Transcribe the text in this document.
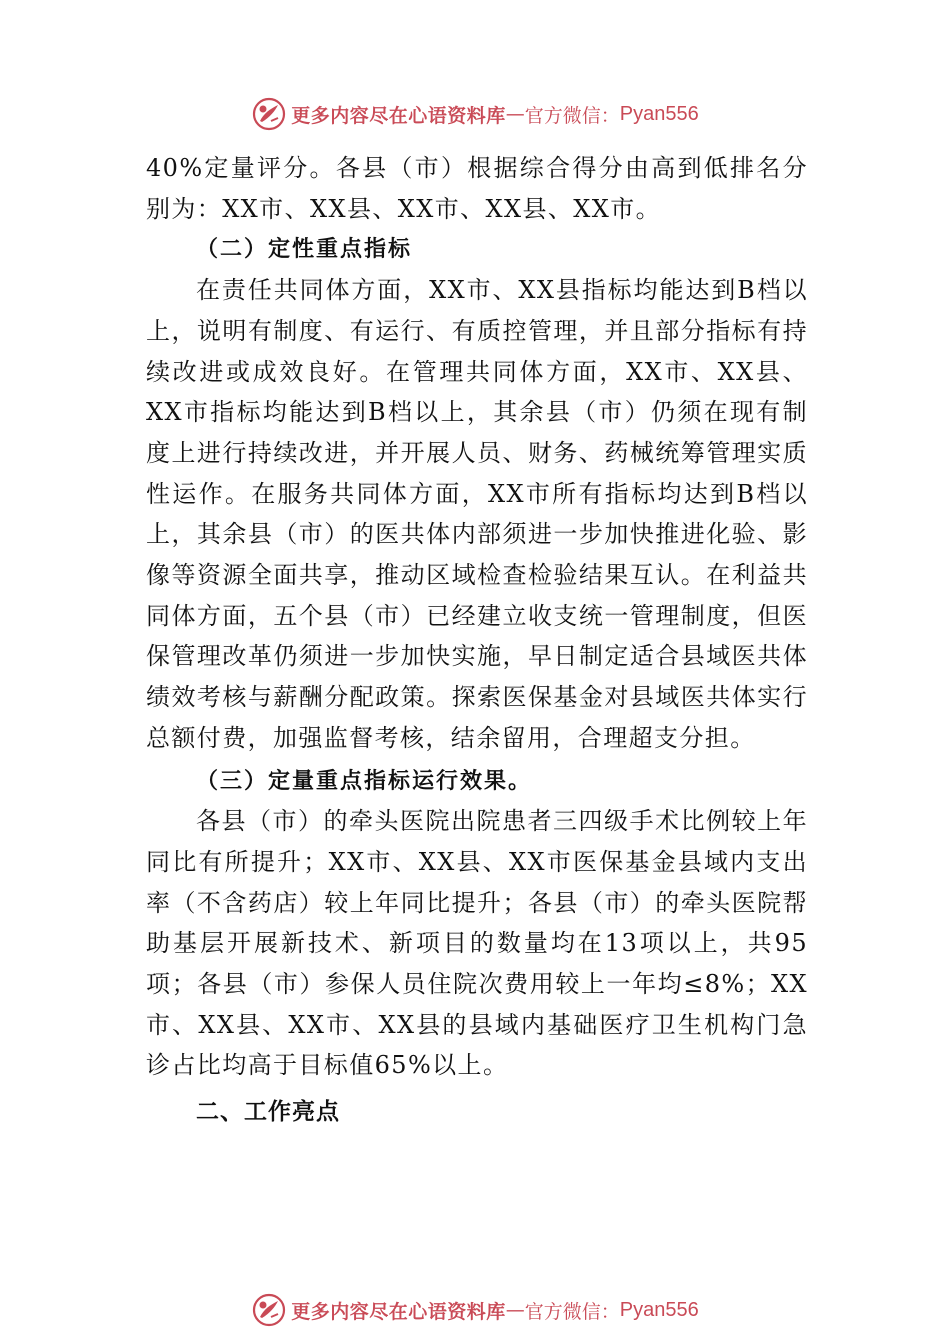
更多内容尽在心语资料库 — 官方微信： Pyan556

40%定量评分。各县（市）根据综合得分由高到低排名分别为：XX市、XX县、XX市、XX县、XX市。

（二）定性重点指标

在责任共同体方面，XX市、XX县指标均能达到B档以上，说明有制度、有运行、有质控管理，并且部分指标有持续改进或成效良好。在管理共同体方面，XX市、XX县、XX市指标均能达到B档以上，其余县（市）仍须在现有制度上进行持续改进，并开展人员、财务、药械统筹管理实质性运作。在服务共同体方面，XX市所有指标均达到B档以上，其余县（市）的医共体内部须进一步加快推进化验、影像等资源全面共享，推动区域检查检验结果互认。在利益共同体方面，五个县（市）已经建立收支统一管理制度，但医保管理改革仍须进一步加快实施，早日制定适合县域医共体绩效考核与薪酬分配政策。探索医保基金对县域医共体实行总额付费，加强监督考核，结余留用，合理超支分担。

（三）定量重点指标运行效果。

各县（市）的牵头医院出院患者三四级手术比例较上年同比有所提升；XX市、XX县、XX市医保基金县域内支出率（不含药店）较上年同比提升；各县（市）的牵头医院帮助基层开展新技术、新项目的数量均在13项以上，共95项；各县（市）参保人员住院次费用较上一年均≤8%；XX市、XX县、XX市、XX县的县域内基础医疗卫生机构门急诊占比均高于目标值65%以上。

二、工作亮点

更多内容尽在心语资料库 — 官方微信： Pyan556
